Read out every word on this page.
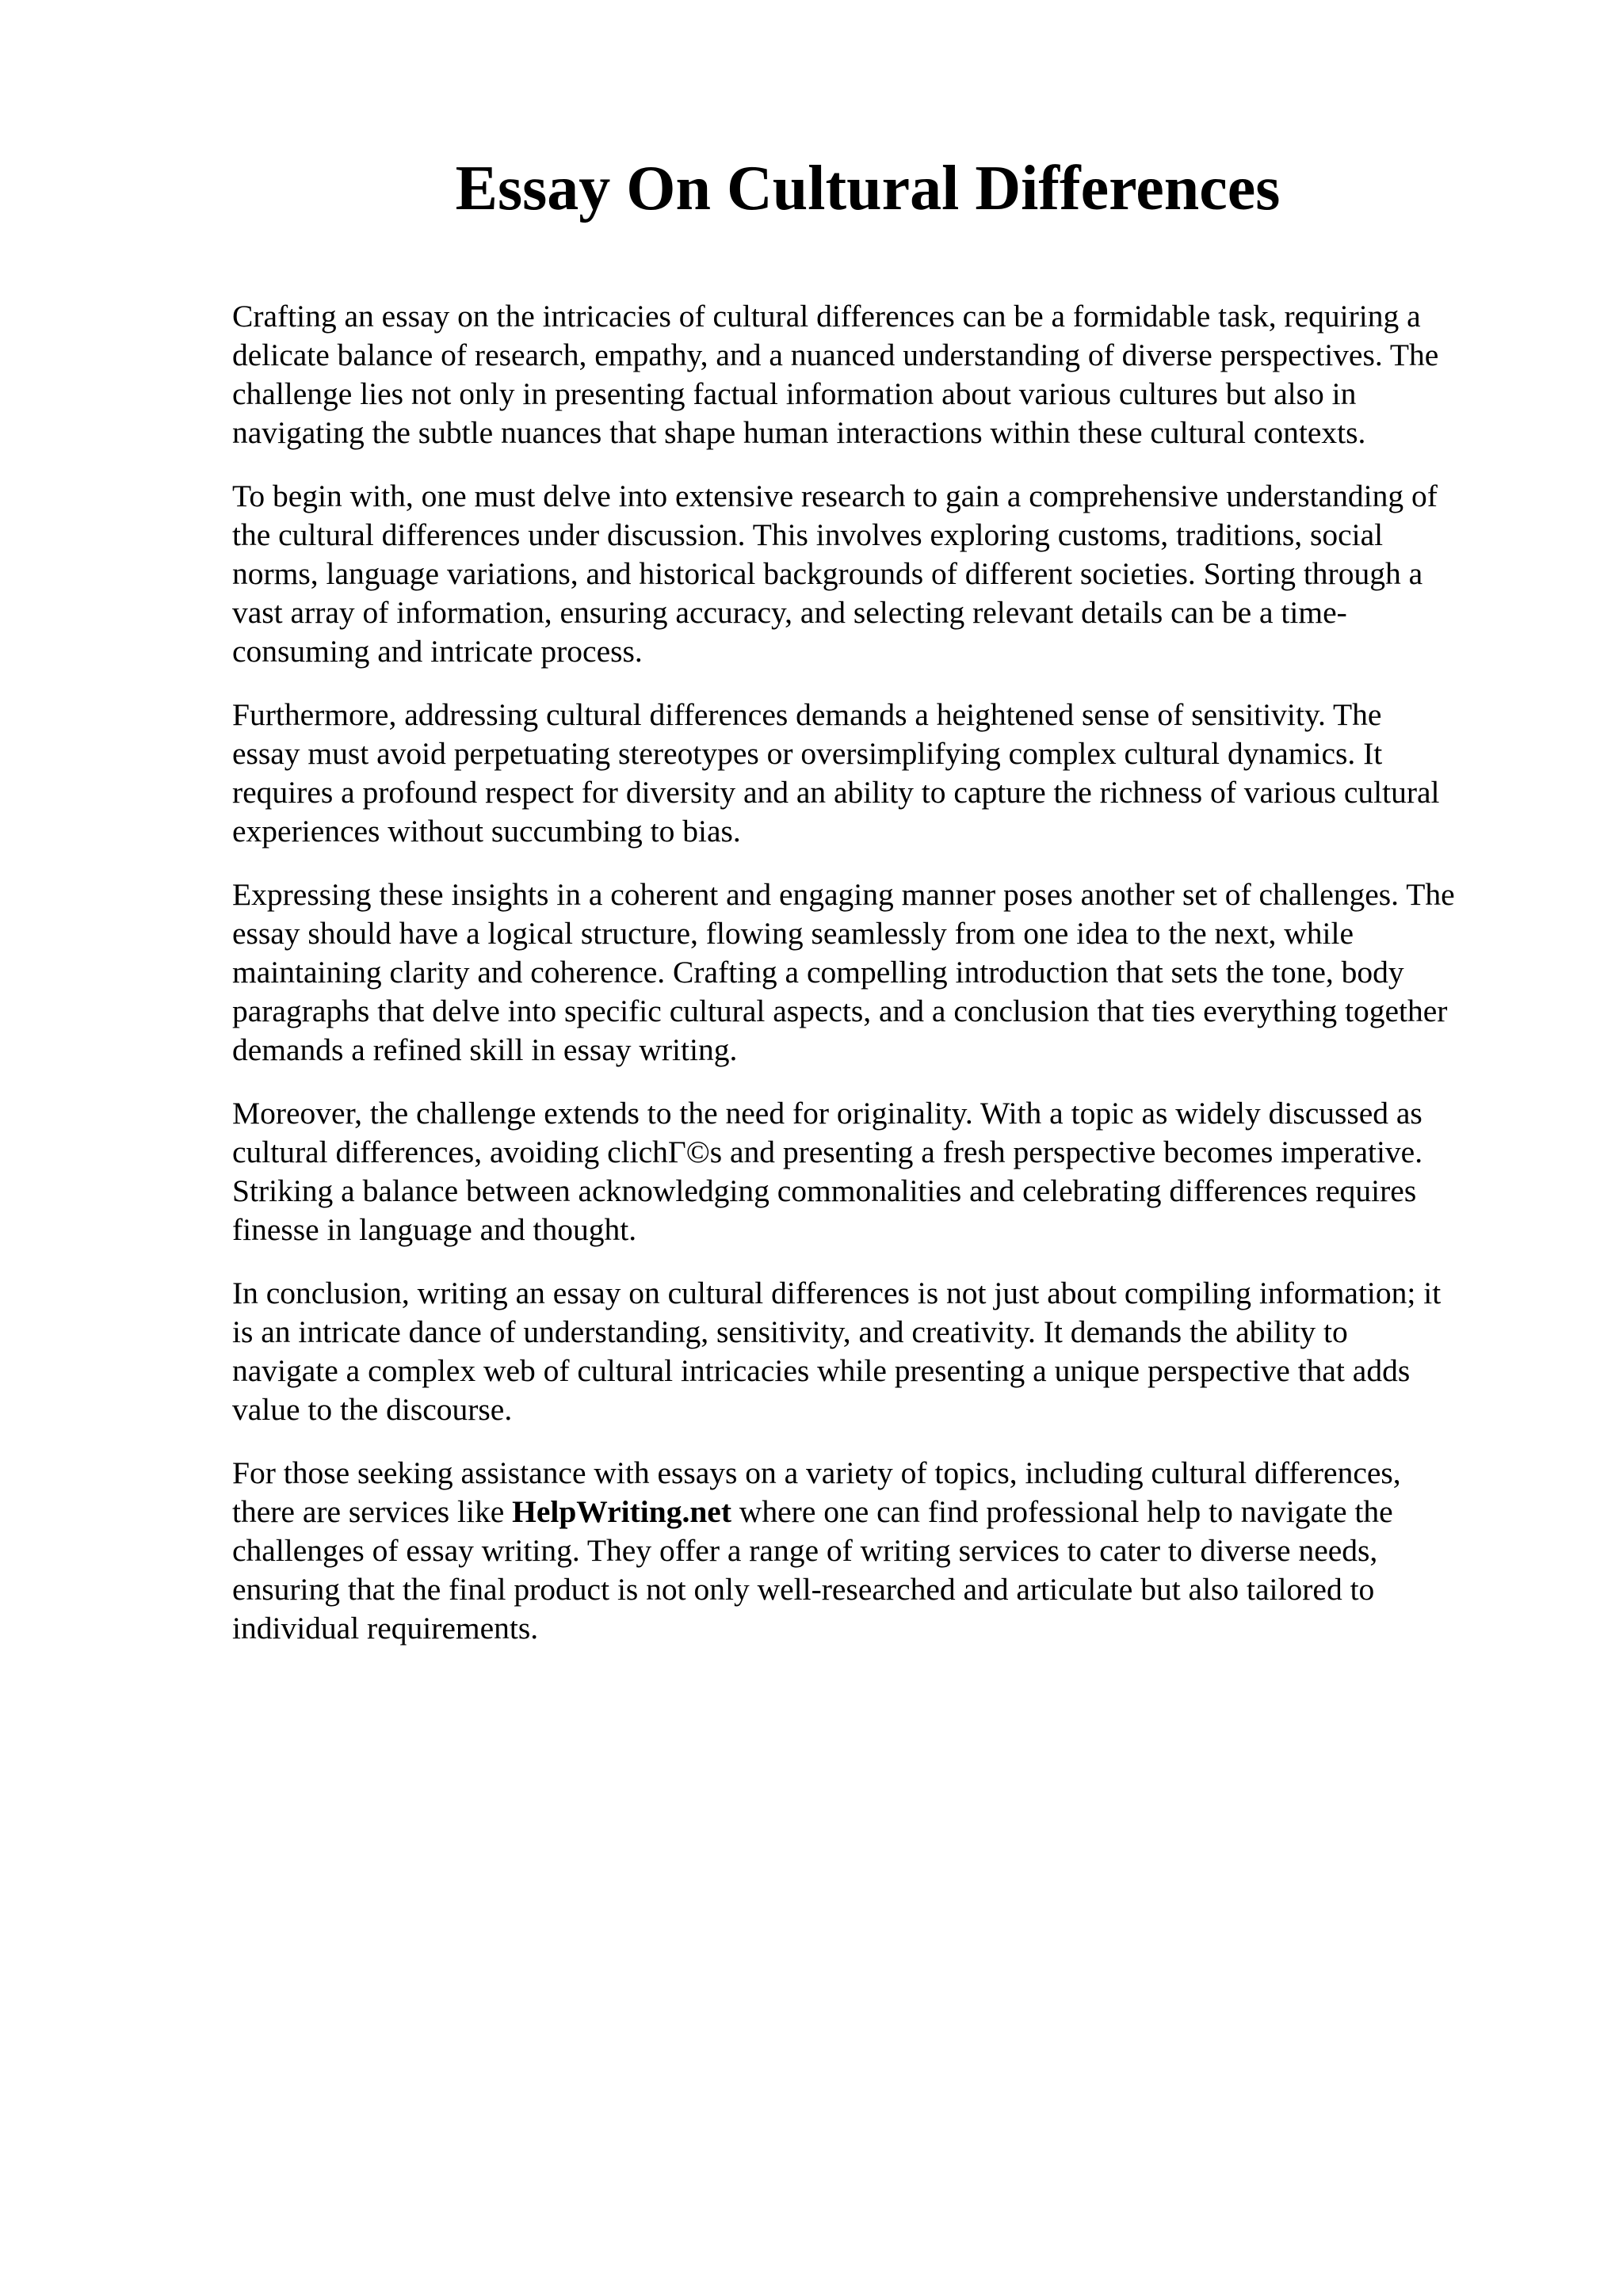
Essay On Cultural Differences

Crafting an essay on the intricacies of cultural differences can be a formidable task, requiring a
delicate balance of research, empathy, and a nuanced understanding of diverse perspectives. The
challenge lies not only in presenting factual information about various cultures but also in
navigating the subtle nuances that shape human interactions within these cultural contexts.

To begin with, one must delve into extensive research to gain a comprehensive understanding of
the cultural differences under discussion. This involves exploring customs, traditions, social
norms, language variations, and historical backgrounds of different societies. Sorting through a
vast array of information, ensuring accuracy, and selecting relevant details can be a time-
consuming and intricate process.

Furthermore, addressing cultural differences demands a heightened sense of sensitivity. The
essay must avoid perpetuating stereotypes or oversimplifying complex cultural dynamics. It
requires a profound respect for diversity and an ability to capture the richness of various cultural
experiences without succumbing to bias.

Expressing these insights in a coherent and engaging manner poses another set of challenges. The
essay should have a logical structure, flowing seamlessly from one idea to the next, while
maintaining clarity and coherence. Crafting a compelling introduction that sets the tone, body
paragraphs that delve into specific cultural aspects, and a conclusion that ties everything together
demands a refined skill in essay writing.

Moreover, the challenge extends to the need for originality. With a topic as widely discussed as
cultural differences, avoiding clichΓ©s and presenting a fresh perspective becomes imperative.
Striking a balance between acknowledging commonalities and celebrating differences requires
finesse in language and thought.

In conclusion, writing an essay on cultural differences is not just about compiling information; it
is an intricate dance of understanding, sensitivity, and creativity. It demands the ability to
navigate a complex web of cultural intricacies while presenting a unique perspective that adds
value to the discourse.

For those seeking assistance with essays on a variety of topics, including cultural differences,
there are services like HelpWriting.net where one can find professional help to navigate the
challenges of essay writing. They offer a range of writing services to cater to diverse needs,
ensuring that the final product is not only well-researched and articulate but also tailored to
individual requirements.
